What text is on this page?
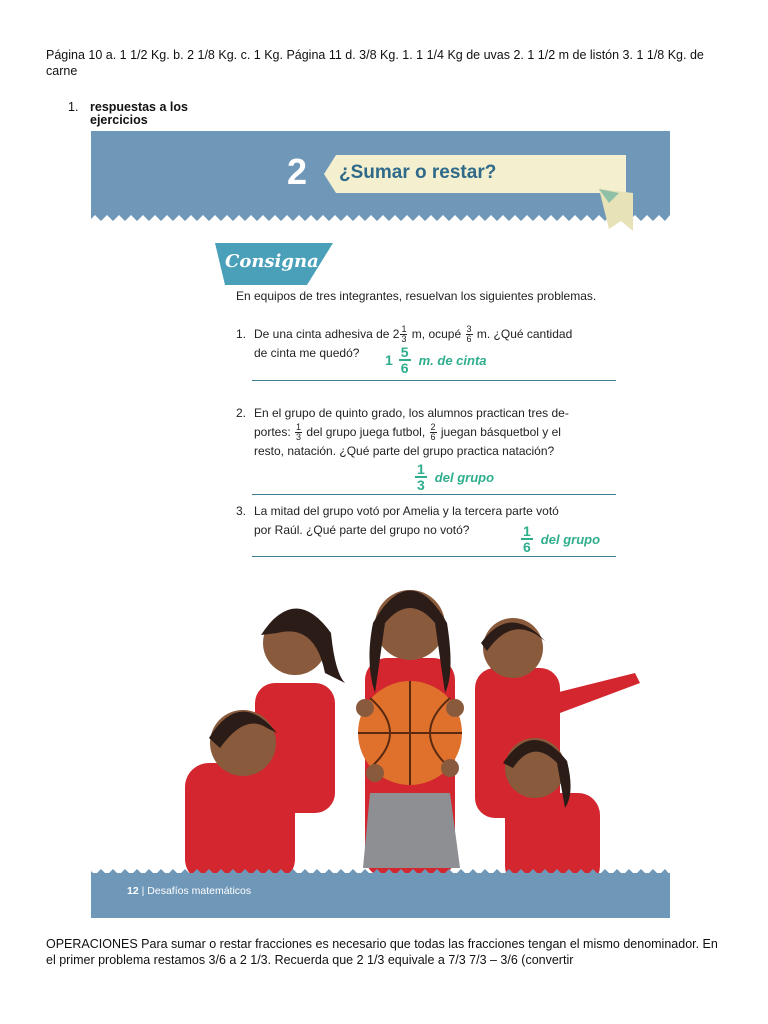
Página 10 a. 1 1/2 Kg. b. 2 1/8 Kg. c. 1 Kg. Página 11 d. 3/8 Kg. 1. 1 1/4 Kg de uvas 2. 1 1/2 m de listón 3. 1 1/8 Kg. de carne
1. respuestas a los ejercicios
2 ¿Sumar o restar?
Consigna
En equipos de tres integrantes, resuelvan los siguientes problemas.
1. De una cinta adhesiva de $2 \frac{1}{3} m$, ocupé $\frac{3}{6} m$. ¿Qué cantidad
de cinta me quedó?	$1 \frac{5}{6} m$. de cinta
2. En el grupo de quinto grado, los alumnos practican tres de-
portes: $\frac{1}{3}$ del grupo juega futbol, $\frac{2}{6}$ juegan básquetbol y el
resto, natación. ¿Qué parte del grupo practica natación?
$\frac{1}{3}$ del grupo
3. La mitad del grupo votó por Amelia y la tercera parte votó
por Raúl. ¿Qué parte del grupo no votó?	$\frac{1}{6}$ del grupo
12 | Desafíos matemáticos
OPERACIONES Para sumar o restar fracciones es necesario que todas las fracciones tengan el mismo denominador. En el primer problema restamos 3/6 a 2 1/3. Recuerda que 2 1/3 equivale a 7/3 7/3 – 3/6 (convertir
